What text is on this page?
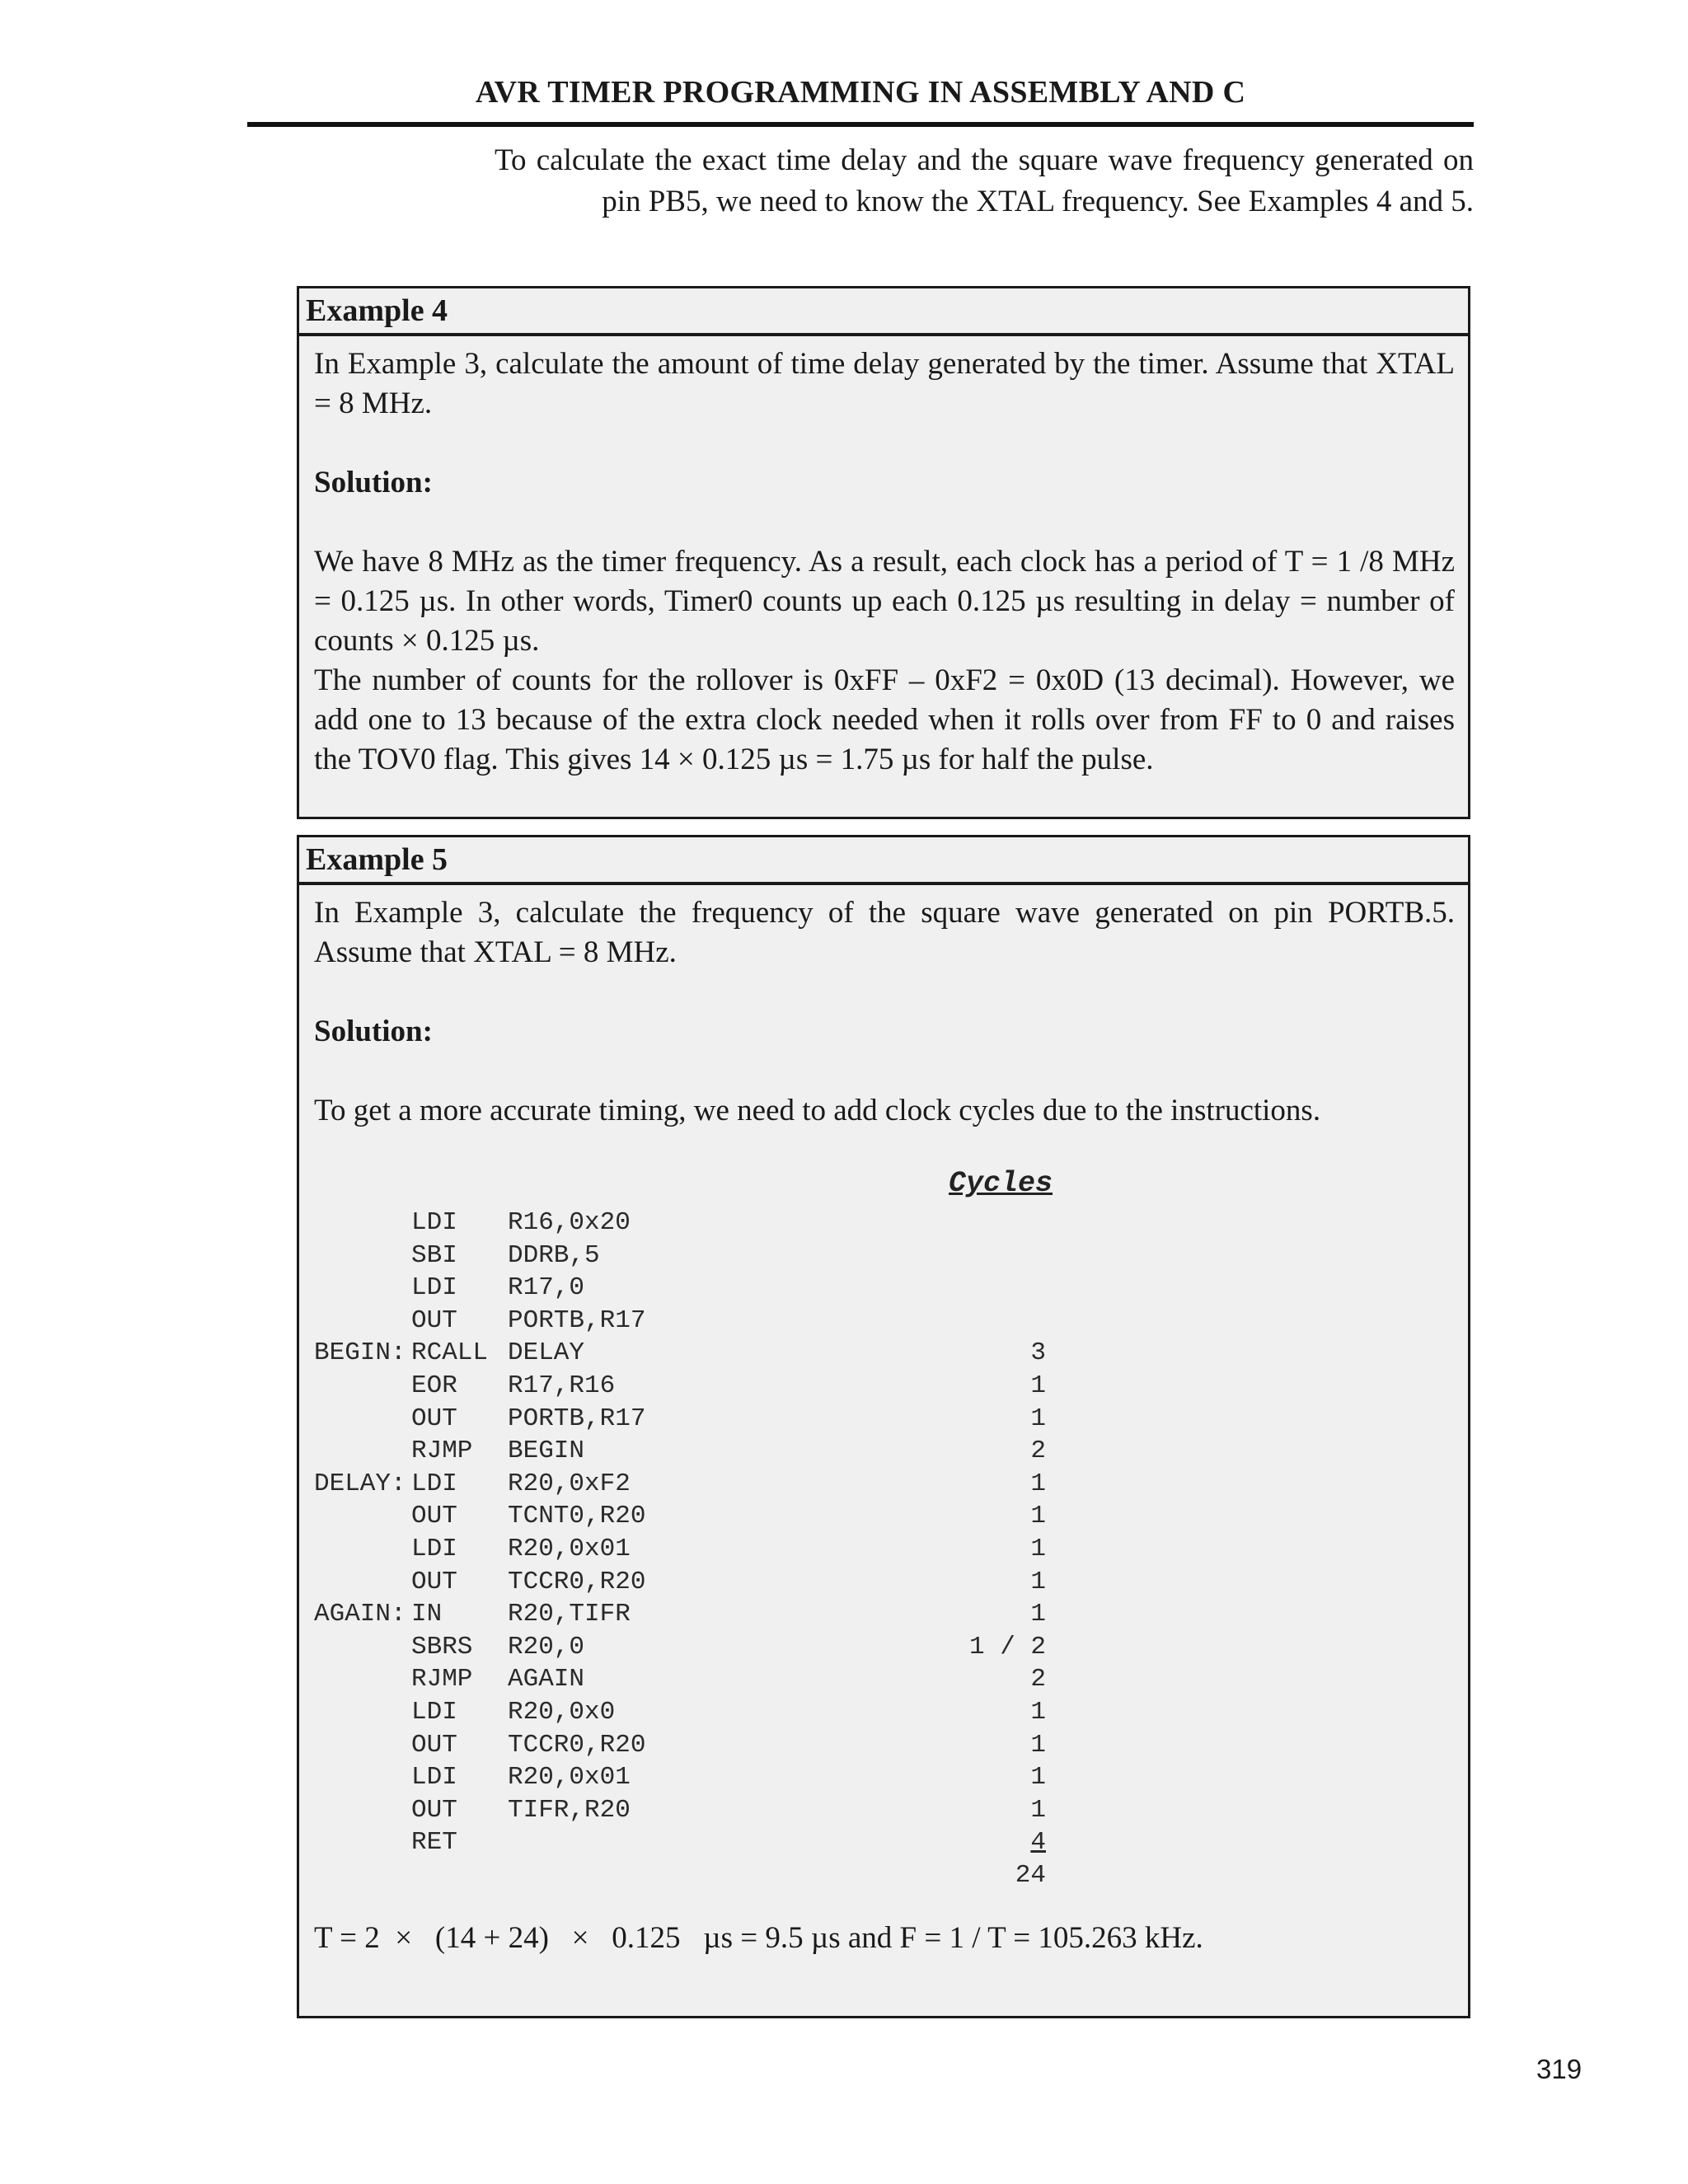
AVR TIMER PROGRAMMING IN ASSEMBLY AND C

To calculate the exact time delay and the square wave frequency generated on pin PB5, we need to know the XTAL frequency. See Examples 4 and 5.

Example 4

In Example 3, calculate the amount of time delay generated by the timer. Assume that XTAL = 8 MHz.

Solution:

We have 8 MHz as the timer frequency. As a result, each clock has a period of T = 1 /8 MHz = 0.125 µs. In other words, Timer0 counts up each 0.125 µs resulting in delay = number of counts × 0.125 µs.

The number of counts for the rollover is 0xFF – 0xF2 = 0x0D (13 decimal). However, we add one to 13 because of the extra clock needed when it rolls over from FF to 0 and raises the TOV0 flag. This gives 14 × 0.125 µs = 1.75 µs for half the pulse.

Example 5

In Example 3, calculate the frequency of the square wave generated on pin PORTB.5. Assume that XTAL = 8 MHz.

Solution:

To get a more accurate timing, we need to add clock cycles due to the instructions.

Cycles
LDI R16,0x20
SBI DDRB,5
LDI R17,0
OUT PORTB,R17
BEGIN: RCALL DELAY	3
EOR R17,R16	1
OUT PORTB,R17	1
RJMP BEGIN	2
DELAY: LDI R20,0xF2	1
OUT TCNT0,R20	1
LDI R20,0x01	1
OUT TCCR0,R20	1
AGAIN: IN	R20,TIFR	1
SBRS R20,0	1 / 2
RJMP AGAIN	2
LDI R20,0x0	1
OUT TCCR0,R20	1
LDI R20,0x01	1
OUT TIFR,R20	1
RET	4
24
T = 2  ×   (14 + 24)   ×   0.125   µs = 9.5 µs and F = 1 / T = 105.263 kHz.
319
